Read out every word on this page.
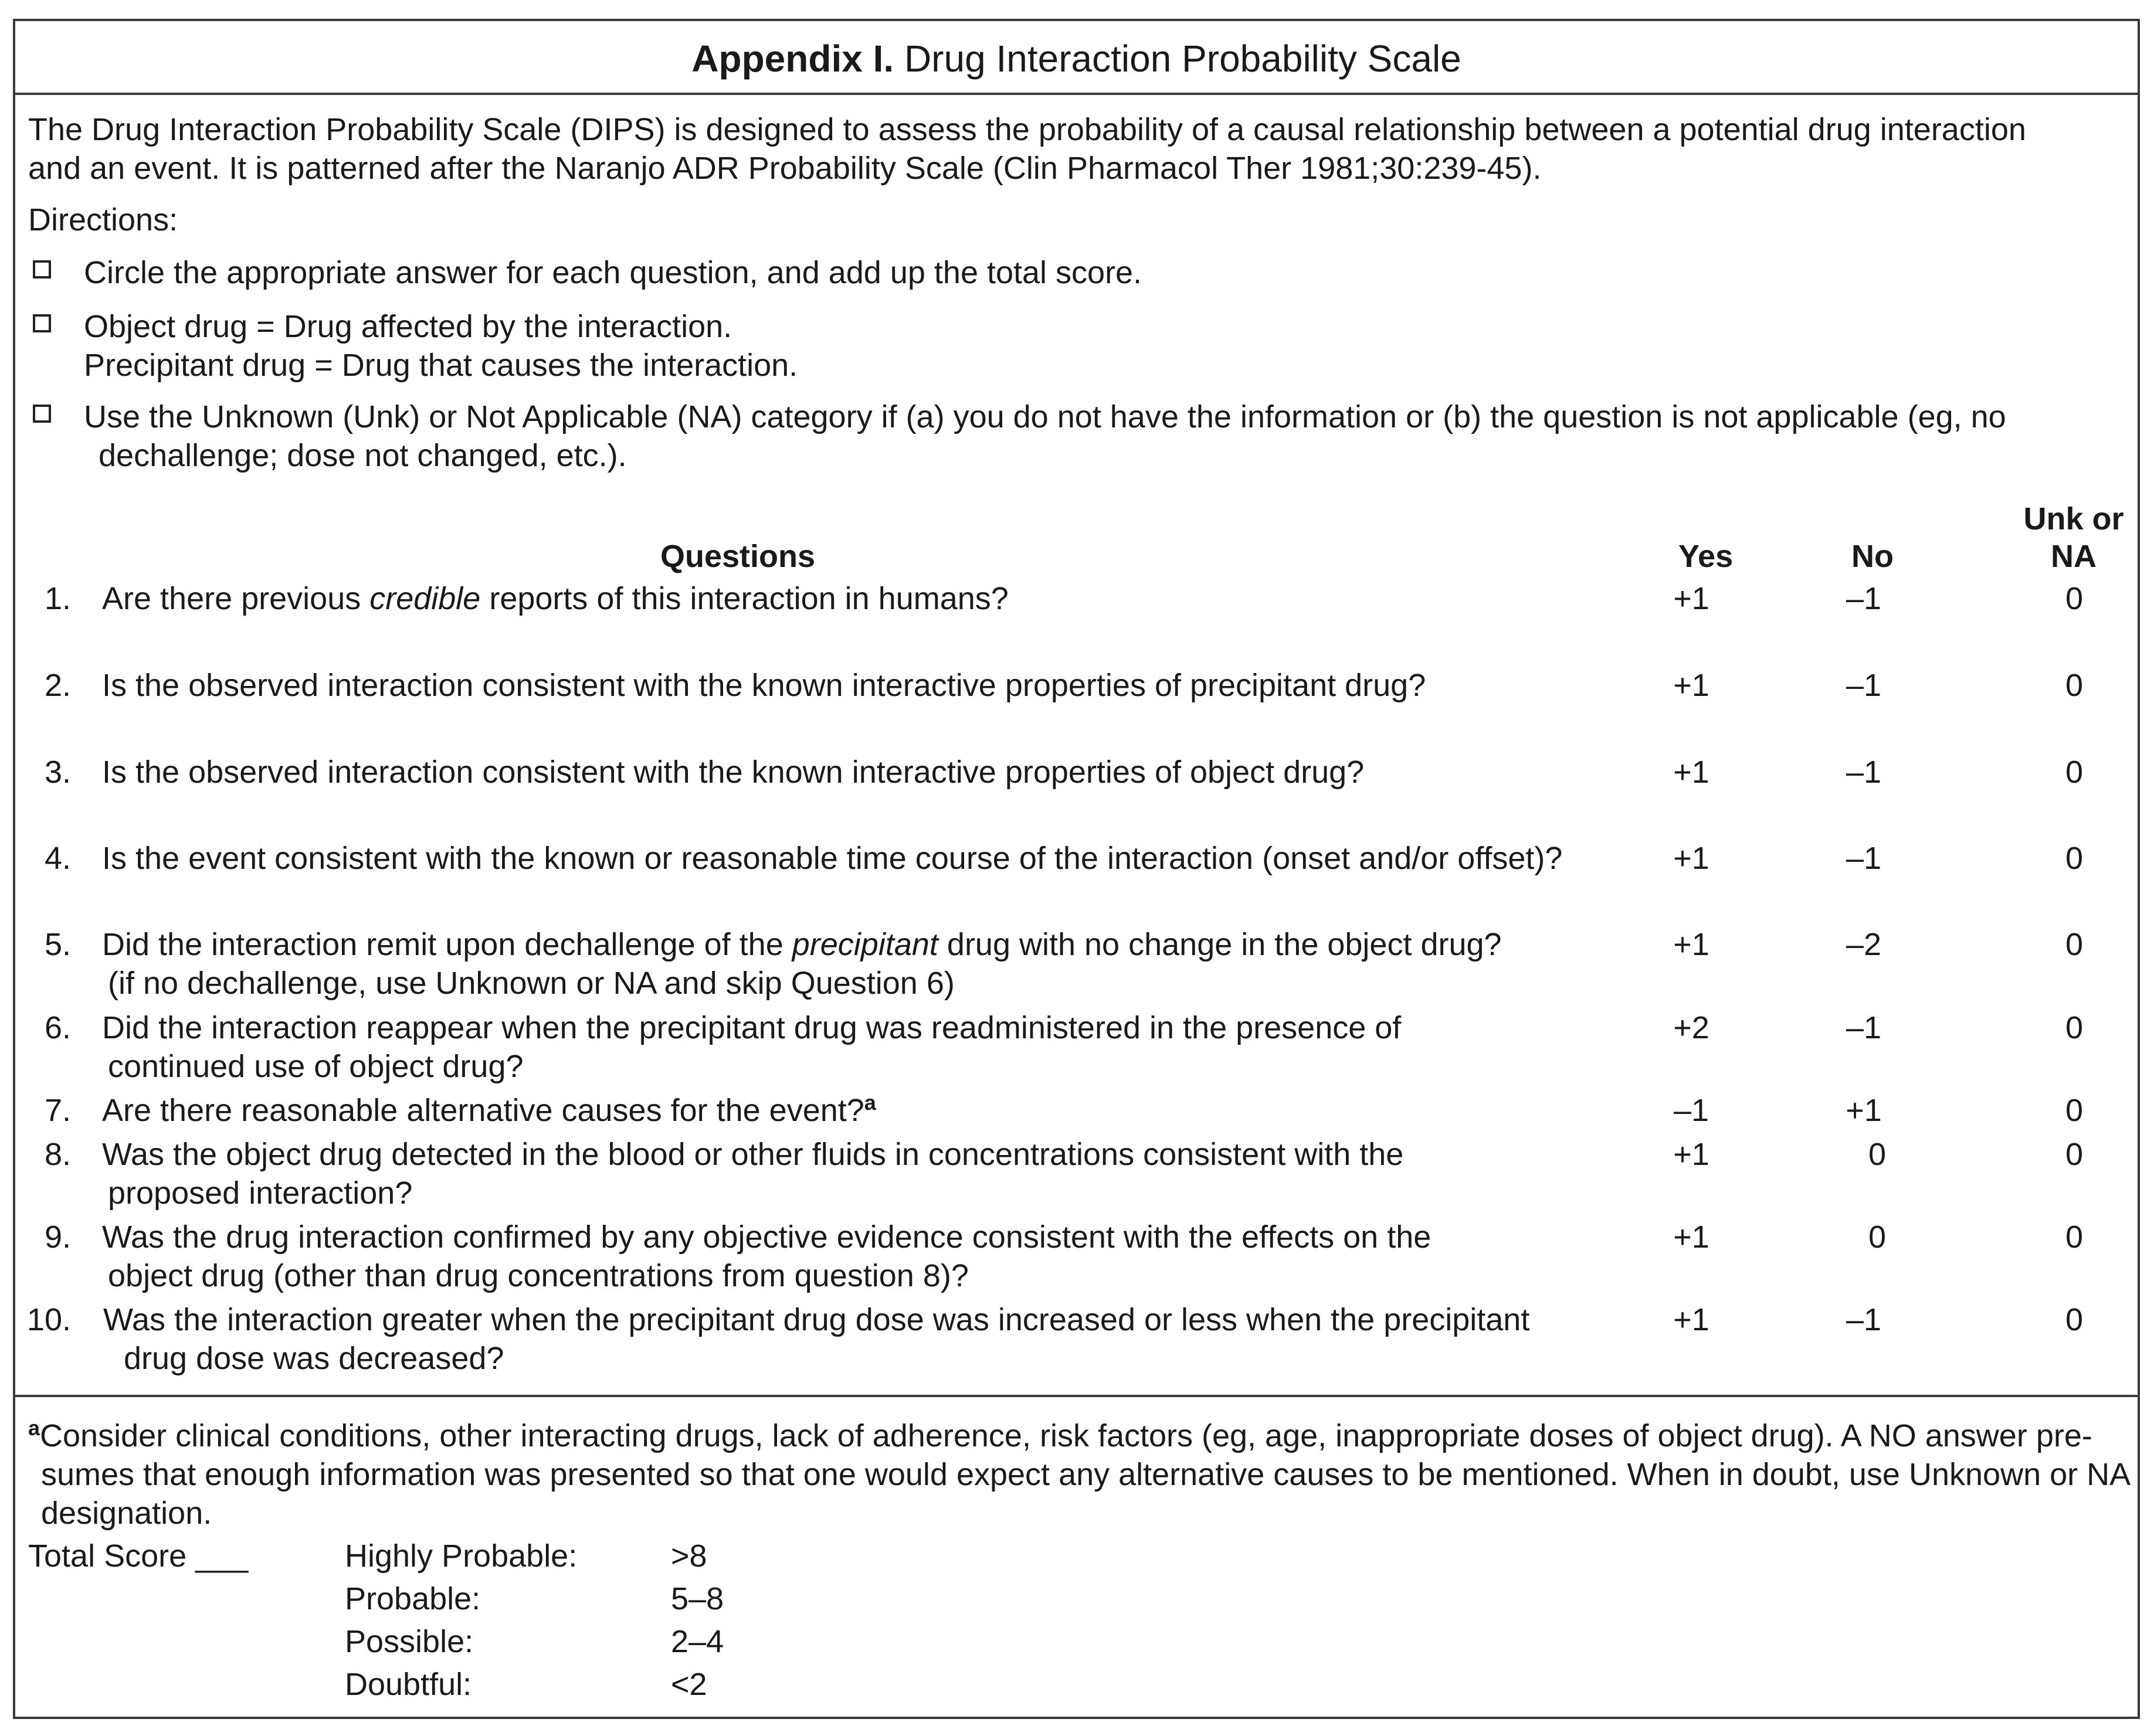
Appendix I. Drug Interaction Probability Scale
The Drug Interaction Probability Scale (DIPS) is designed to assess the probability of a causal relationship between a potential drug interaction
and an event. It is patterned after the Naranjo ADR Probability Scale (Clin Pharmacol Ther 1981;30:239-45).
Directions:
Circle the appropriate answer for each question, and add up the total score.
Object drug = Drug affected by the interaction.
Precipitant drug = Drug that causes the interaction.
Use the Unknown (Unk) or Not Applicable (NA) category if (a) you do not have the information or (b) the question is not applicable (eg, no
dechallenge; dose not changed, etc.).
Questions	Yes	No
Unk or
NA
1. Are there previous credible reports of this interaction in humans?	+1	–1	0
2. Is the observed interaction consistent with the known interactive properties of precipitant drug?	+1	–1	0
3. Is the observed interaction consistent with the known interactive properties of object drug?	+1	–1	0
4. Is the event consistent with the known or reasonable time course of the interaction (onset and/or offset)?	+1	–1	0
5. Did the interaction remit upon dechallenge of the precipitant drug with no change in the object drug?
(if no dechallenge, use Unknown or NA and skip Question 6)
+1	–2	0
6. Did the interaction reappear when the precipitant drug was readministered in the presence of
continued use of object drug?
+2	–1	0
7. Are there reasonable alternative causes for the event?$^a$	–1	+1	0
8. Was the object drug detected in the blood or other fluids in concentrations consistent with the
proposed interaction?
+1	0	0
9. Was the drug interaction confirmed by any objective evidence consistent with the effects on the
object drug (other than drug concentrations from question 8)?
+1	0	0
10. Was the interaction greater when the precipitant drug dose was increased or less when the precipitant
drug dose was decreased?
+1	–1	0
$^a$Consider clinical conditions, other interacting drugs, lack of adherence, risk factors (eg, age, inappropriate doses of object drug). A NO answer pre-
sumes that enough information was presented so that one would expect any alternative causes to be mentioned. When in doubt, use Unknown or NA
designation.
Total Score ___	Highly Probable:	>8
Probable:	5–8
Possible:	2–4
Doubtful:	<2
